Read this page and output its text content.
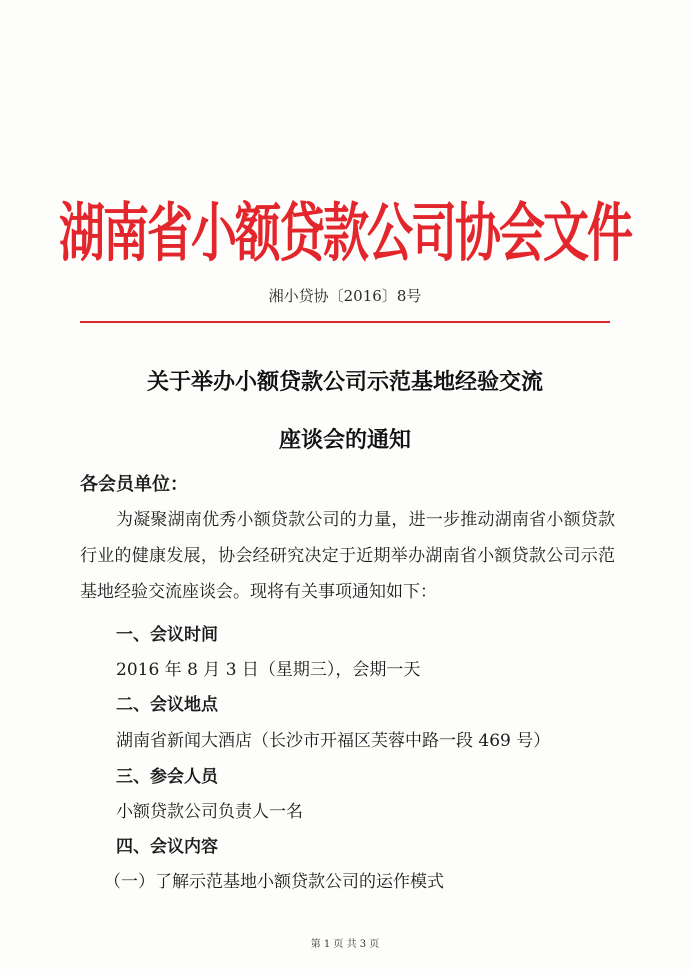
湖南省小额贷款公司协会文件
湘小贷协〔2016〕8号
关于举办小额贷款公司示范基地经验交流
座谈会的通知
各会员单位：
为凝聚湖南优秀小额贷款公司的力量，进一步推动湖南省小额贷款行业的健康发展，协会经研究决定于近期举办湖南省小额贷款公司示范基地经验交流座谈会。现将有关事项通知如下：
一、会议时间
2016 年 8 月 3 日（星期三），会期一天
二、会议地点
湖南省新闻大酒店（长沙市开福区芙蓉中路一段 469 号）
三、参会人员
小额贷款公司负责人一名
四、会议内容
（一）了解示范基地小额贷款公司的运作模式
第 1 页 共 3 页
